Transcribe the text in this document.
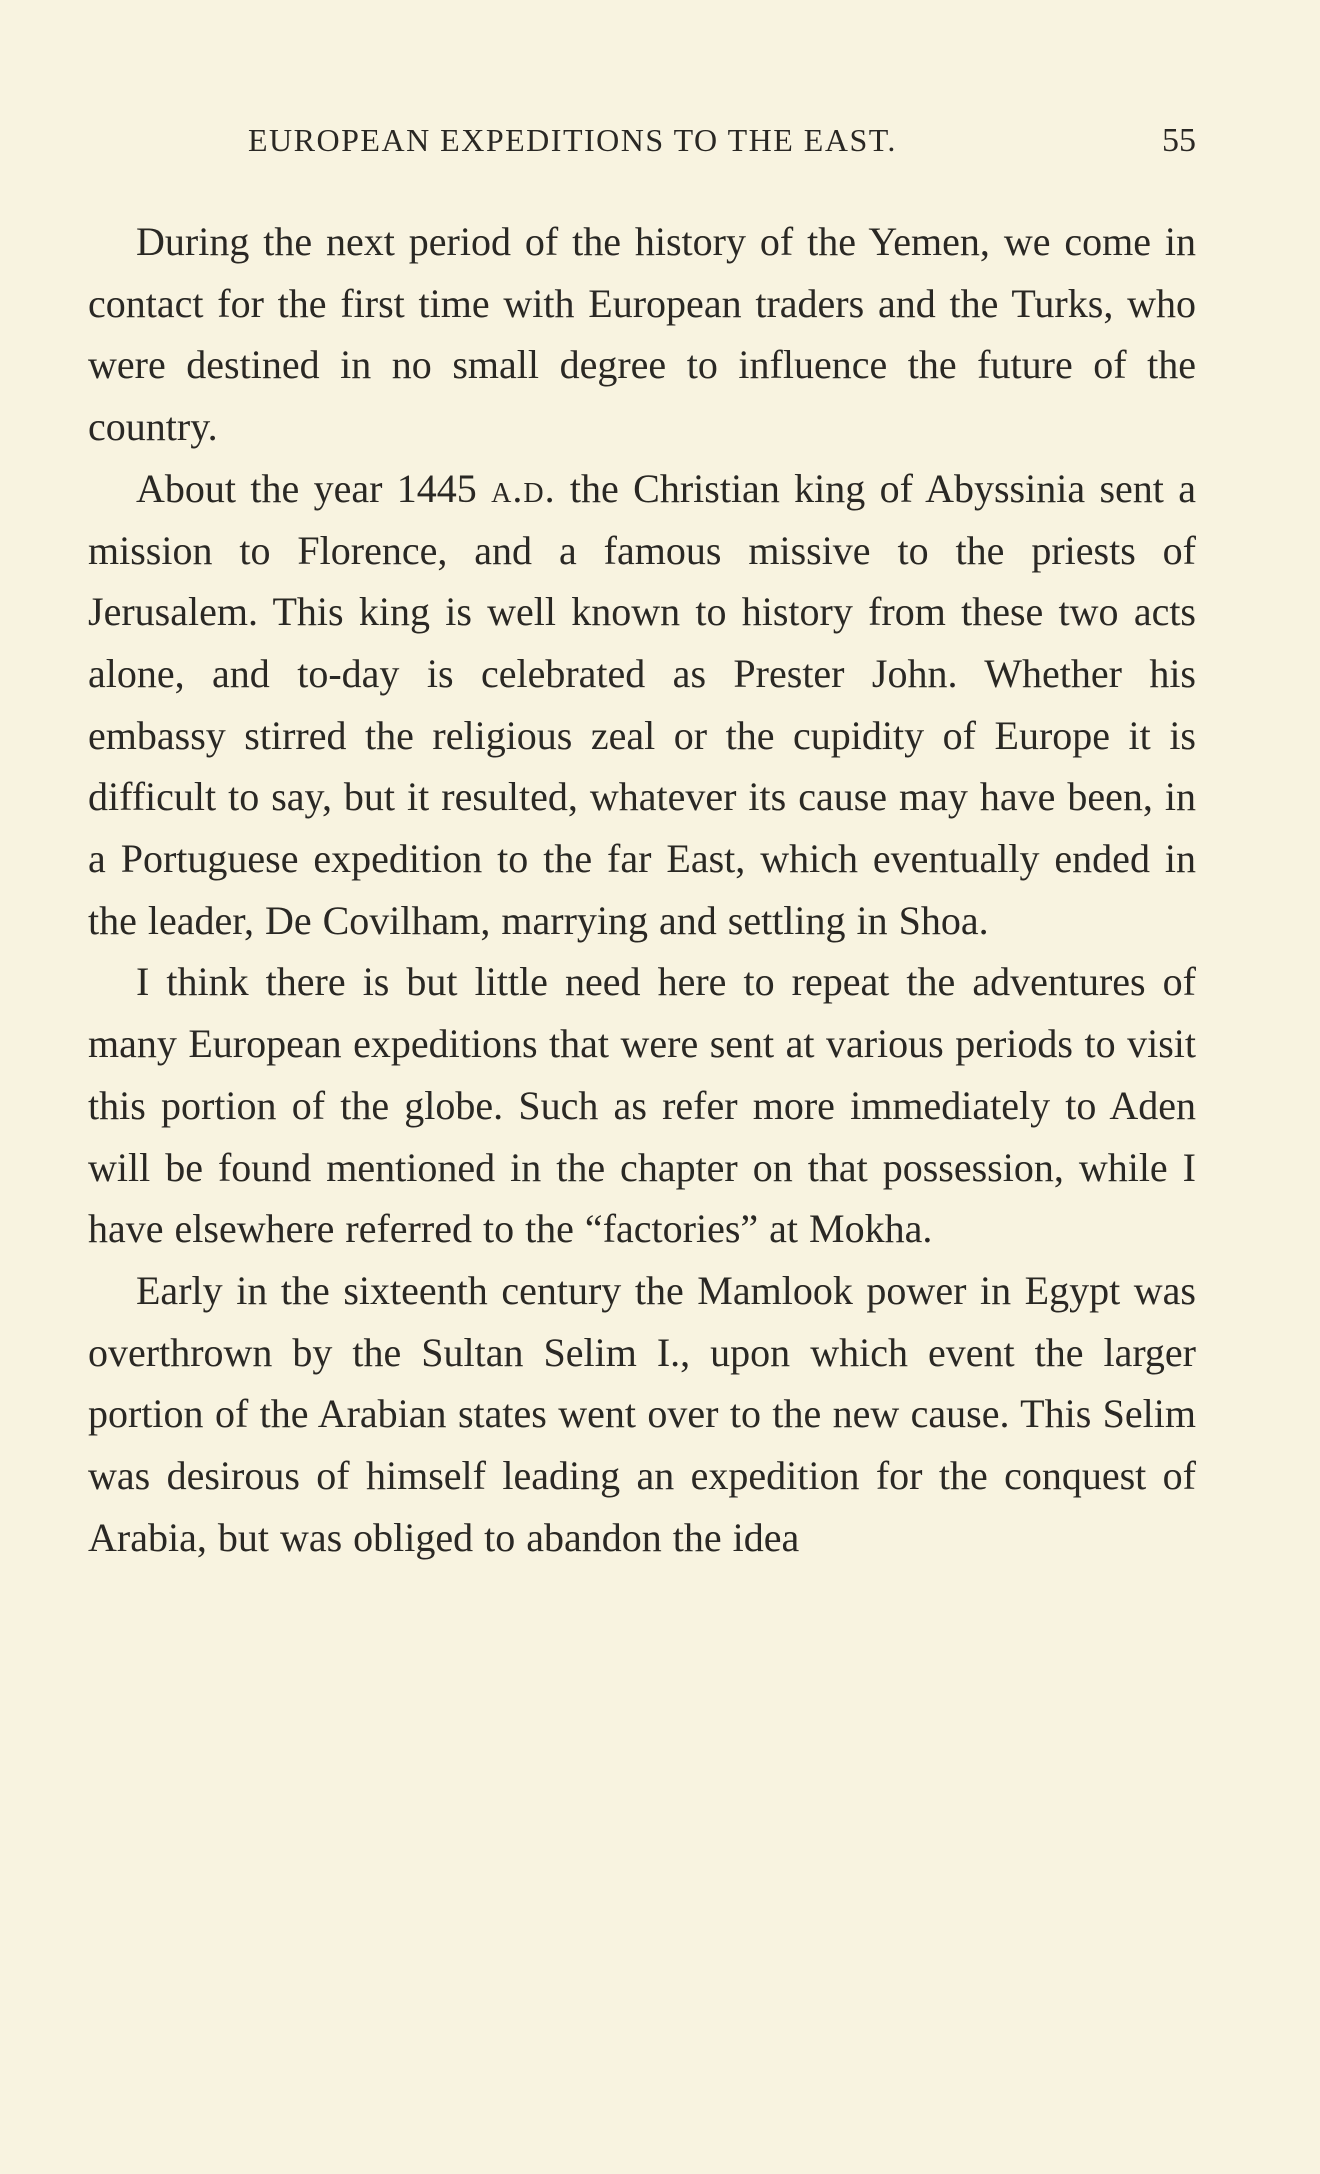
EUROPEAN EXPEDITIONS TO THE EAST.	55

During the next period of the history of the Yemen, we come in contact for the first time with European traders and the Turks, who were destined in no small degree to influence the future of the country.

About the year 1445 a.d. the Christian king of Abyssinia sent a mission to Florence, and a famous missive to the priests of Jerusalem. This king is well known to history from these two acts alone, and to-day is celebrated as Prester John. Whether his embassy stirred the religious zeal or the cupidity of Europe it is difficult to say, but it resulted, whatever its cause may have been, in a Portuguese expedition to the far East, which eventually ended in the leader, De Covilham, marrying and settling in Shoa.

I think there is but little need here to repeat the adventures of many European expeditions that were sent at various periods to visit this portion of the globe. Such as refer more immediately to Aden will be found mentioned in the chapter on that possession, while I have elsewhere referred to the “factories” at Mokha.

Early in the sixteenth century the Mamlook power in Egypt was overthrown by the Sultan Selim I., upon which event the larger portion of the Arabian states went over to the new cause. This Selim was desirous of himself leading an expedition for the conquest of Arabia, but was obliged to abandon the idea
